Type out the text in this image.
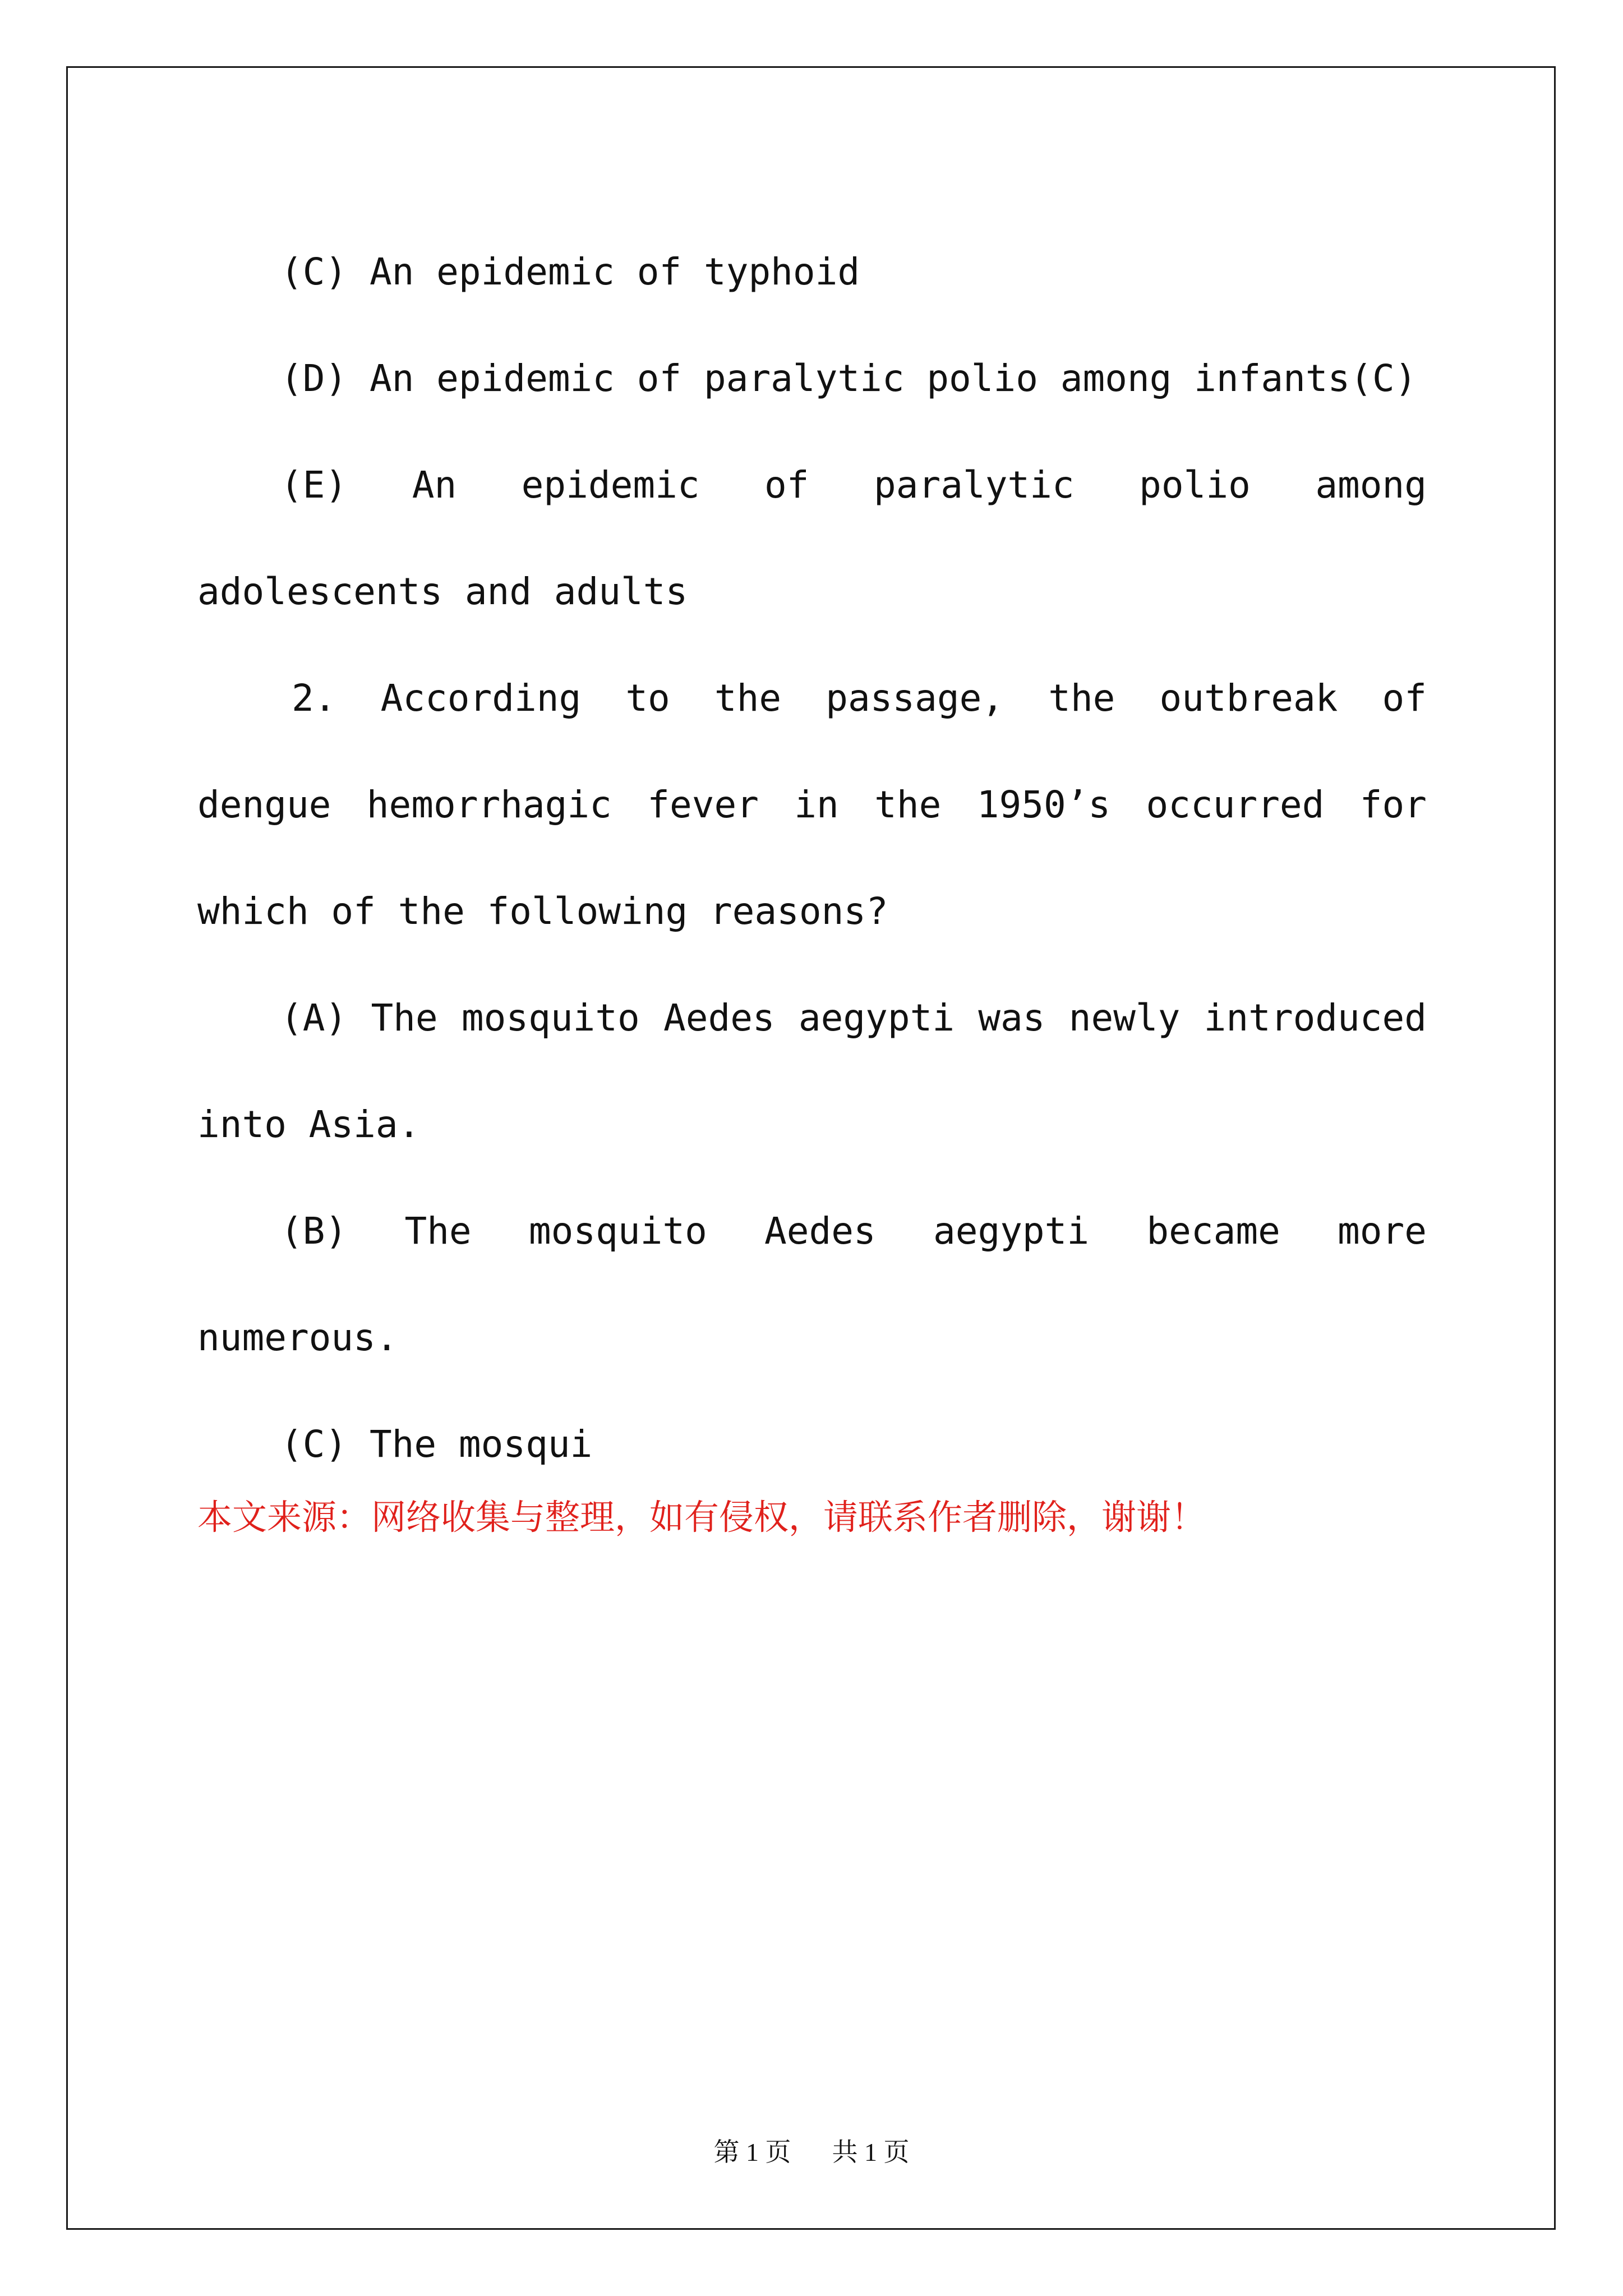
(C) An epidemic of typhoid

(D) An epidemic of paralytic polio among infants(C)

(E) An epidemic of paralytic polio among adolescents and adults

2. According to the passage, the outbreak of dengue hemorrhagic fever in the 1950’s occurred for which of the following reasons?

(A) The mosquito Aedes aegypti was newly introduced into Asia.

(B) The mosquito Aedes aegypti became more numerous.

(C) The mosqui

本文来源：网络收集与整理，如有侵权，请联系作者删除，谢谢！
第 1 页 共 1 页
